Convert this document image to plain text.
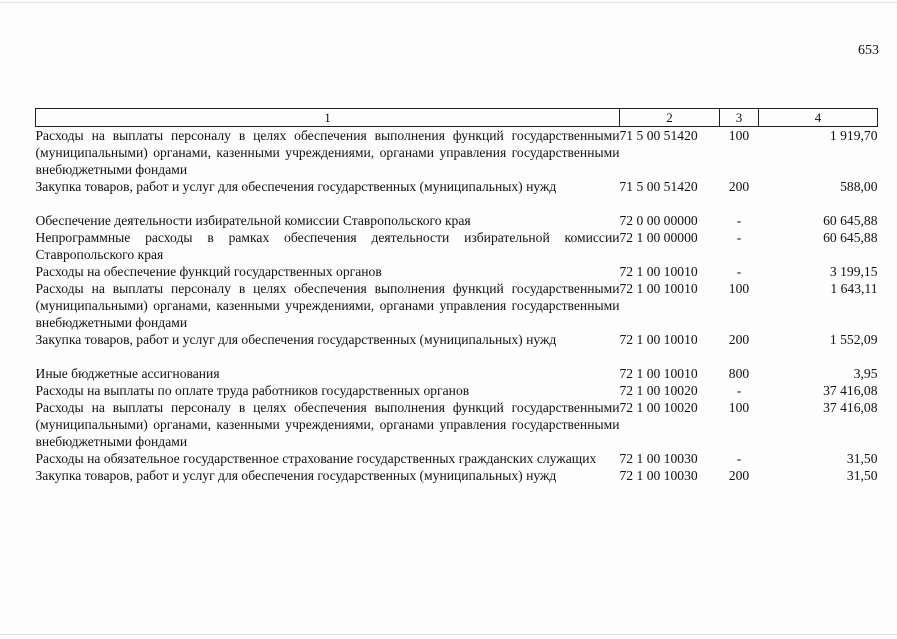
653
1	2	3	4
Расходы на выплаты персоналу в целях обеспечения выполнения функций государственными (муниципальными) органами, казенными учреждениями, органами управления государственными внебюджетными фондами	71 5 00 51420	100	1 919,70
Закупка товаров, работ и услуг для обеспечения государственных (муниципальных) нужд	71 5 00 51420	200	588,00

Обеспечение деятельности избирательной комиссии Ставропольского края	72 0 00 00000	-	60 645,88
Непрограммные расходы в рамках обеспечения деятельности избирательной комиссии Ставропольского края	72 1 00 00000	-	60 645,88
Расходы на обеспечение функций государственных органов	72 1 00 10010	-	3 199,15
Расходы на выплаты персоналу в целях обеспечения выполнения функций государственными (муниципальными) органами, казенными учреждениями, органами управления государственными внебюджетными фондами	72 1 00 10010	100	1 643,11
Закупка товаров, работ и услуг для обеспечения государственных (муниципальных) нужд	72 1 00 10010	200	1 552,09

Иные бюджетные ассигнования	72 1 00 10010	800	3,95
Расходы на выплаты по оплате труда работников государственных органов	72 1 00 10020	-	37 416,08
Расходы на выплаты персоналу в целях обеспечения выполнения функций государственными (муниципальными) органами, казенными учреждениями, органами управления государственными внебюджетными фондами	72 1 00 10020	100	37 416,08
Расходы на обязательное государственное страхование государственных гражданских служащих	72 1 00 10030	-	31,50
Закупка товаров, работ и услуг для обеспечения государственных (муниципальных) нужд	72 1 00 10030	200	31,50
